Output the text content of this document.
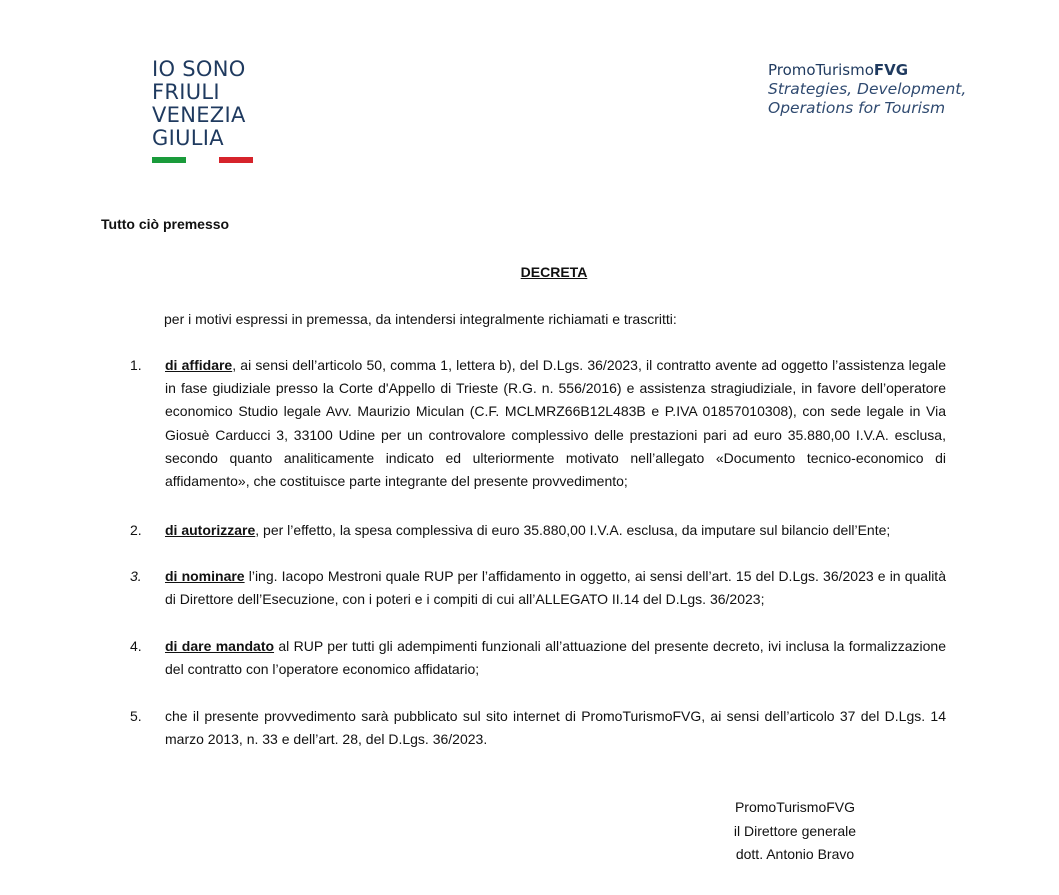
IO SONO
FRIULI
VENEZIA
GIULIA
PromoTurismoFVG
Strategies, Development,
Operations for Tourism
Tutto ciò premesso
DECRETA
per i motivi espressi in premessa, da intendersi integralmente richiamati e trascritti:
1.	di affidare, ai sensi dell’articolo 50, comma 1, lettera b), del D.Lgs. 36/2023, il contratto avente ad oggetto l’assistenza legale in fase giudiziale presso la Corte d'Appello di Trieste (R.G. n. 556/2016) e assistenza stragiudiziale, in favore dell’operatore economico Studio legale Avv. Maurizio Miculan (C.F. MCLMRZ66B12L483B e P.IVA 01857010308), con sede legale in Via Giosuè Carducci 3, 33100 Udine per un controvalore complessivo delle prestazioni pari ad euro 35.880,00 I.V.A. esclusa, secondo quanto analiticamente indicato ed ulteriormente motivato nell’allegato «Documento tecnico-economico di affidamento», che costituisce parte integrante del presente provvedimento;
2.	di autorizzare, per l’effetto, la spesa complessiva di euro 35.880,00 I.V.A. esclusa, da imputare sul bilancio dell’Ente;
3.	di nominare l’ing. Iacopo Mestroni quale RUP per l’affidamento in oggetto, ai sensi dell’art. 15 del D.Lgs. 36/2023 e in qualità di Direttore dell’Esecuzione, con i poteri e i compiti di cui all’ALLEGATO II.14 del D.Lgs. 36/2023;
4.	di dare mandato al RUP per tutti gli adempimenti funzionali all’attuazione del presente decreto, ivi inclusa la formalizzazione del contratto con l’operatore economico affidatario;
5.	che il presente provvedimento sarà pubblicato sul sito internet di PromoTurismoFVG, ai sensi dell’articolo 37 del D.Lgs. 14 marzo 2013, n. 33 e dell’art. 28, del D.Lgs. 36/2023.
PromoTurismoFVG
il Direttore generale
dott. Antonio Bravo
